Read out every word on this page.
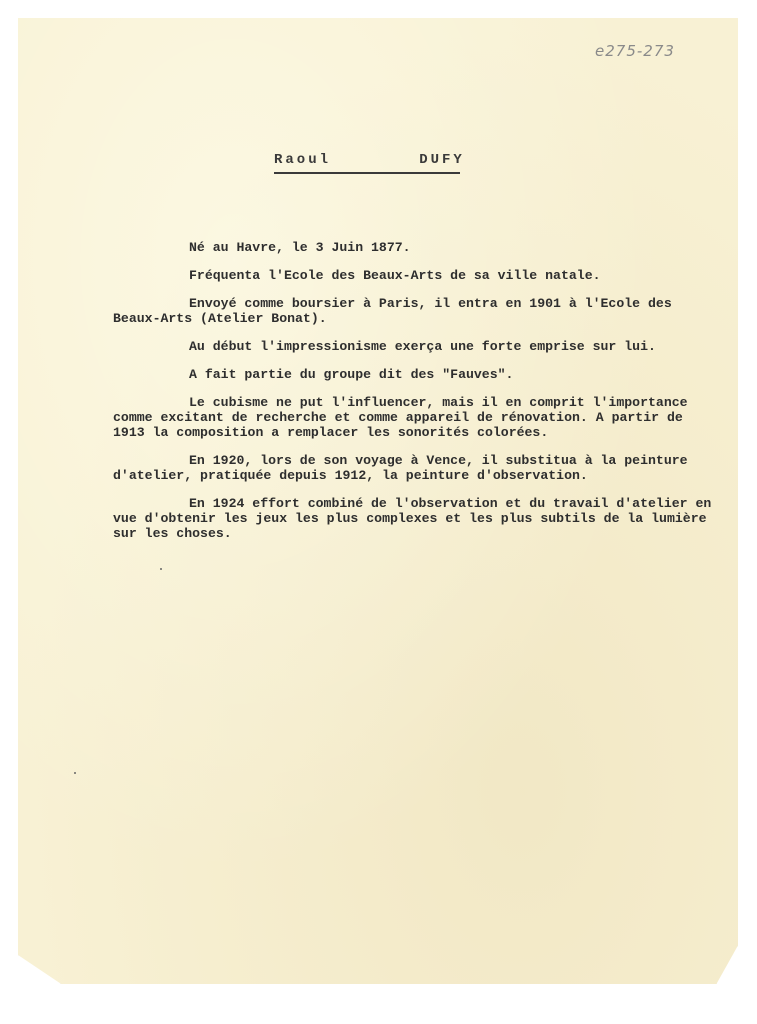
e275-273
Raoul   DUFY

Né au Havre, le 3 Juin 1877.

Fréquenta l'Ecole des Beaux-Arts de sa ville natale.

Envoyé comme boursier à Paris, il entra en 1901 à l'Ecole des Beaux-Arts (Atelier Bonat).

Au début l'impressionisme exerça une forte emprise sur lui.

A fait partie du groupe dit des "Fauves".

Le cubisme ne put l'influencer, mais il en comprit l'importance comme excitant de recherche et comme appareil de rénovation. A partir de 1913 la composition a remplacer les sonorités colorées.

En 1920, lors de son voyage à Vence, il substitua à la peinture d'atelier, pratiquée depuis 1912, la peinture d'observation.

En 1924 effort combiné de l'observation et du travail d'atelier en vue d'obtenir les jeux les plus complexes et les plus subtils de la lumière sur les choses.
